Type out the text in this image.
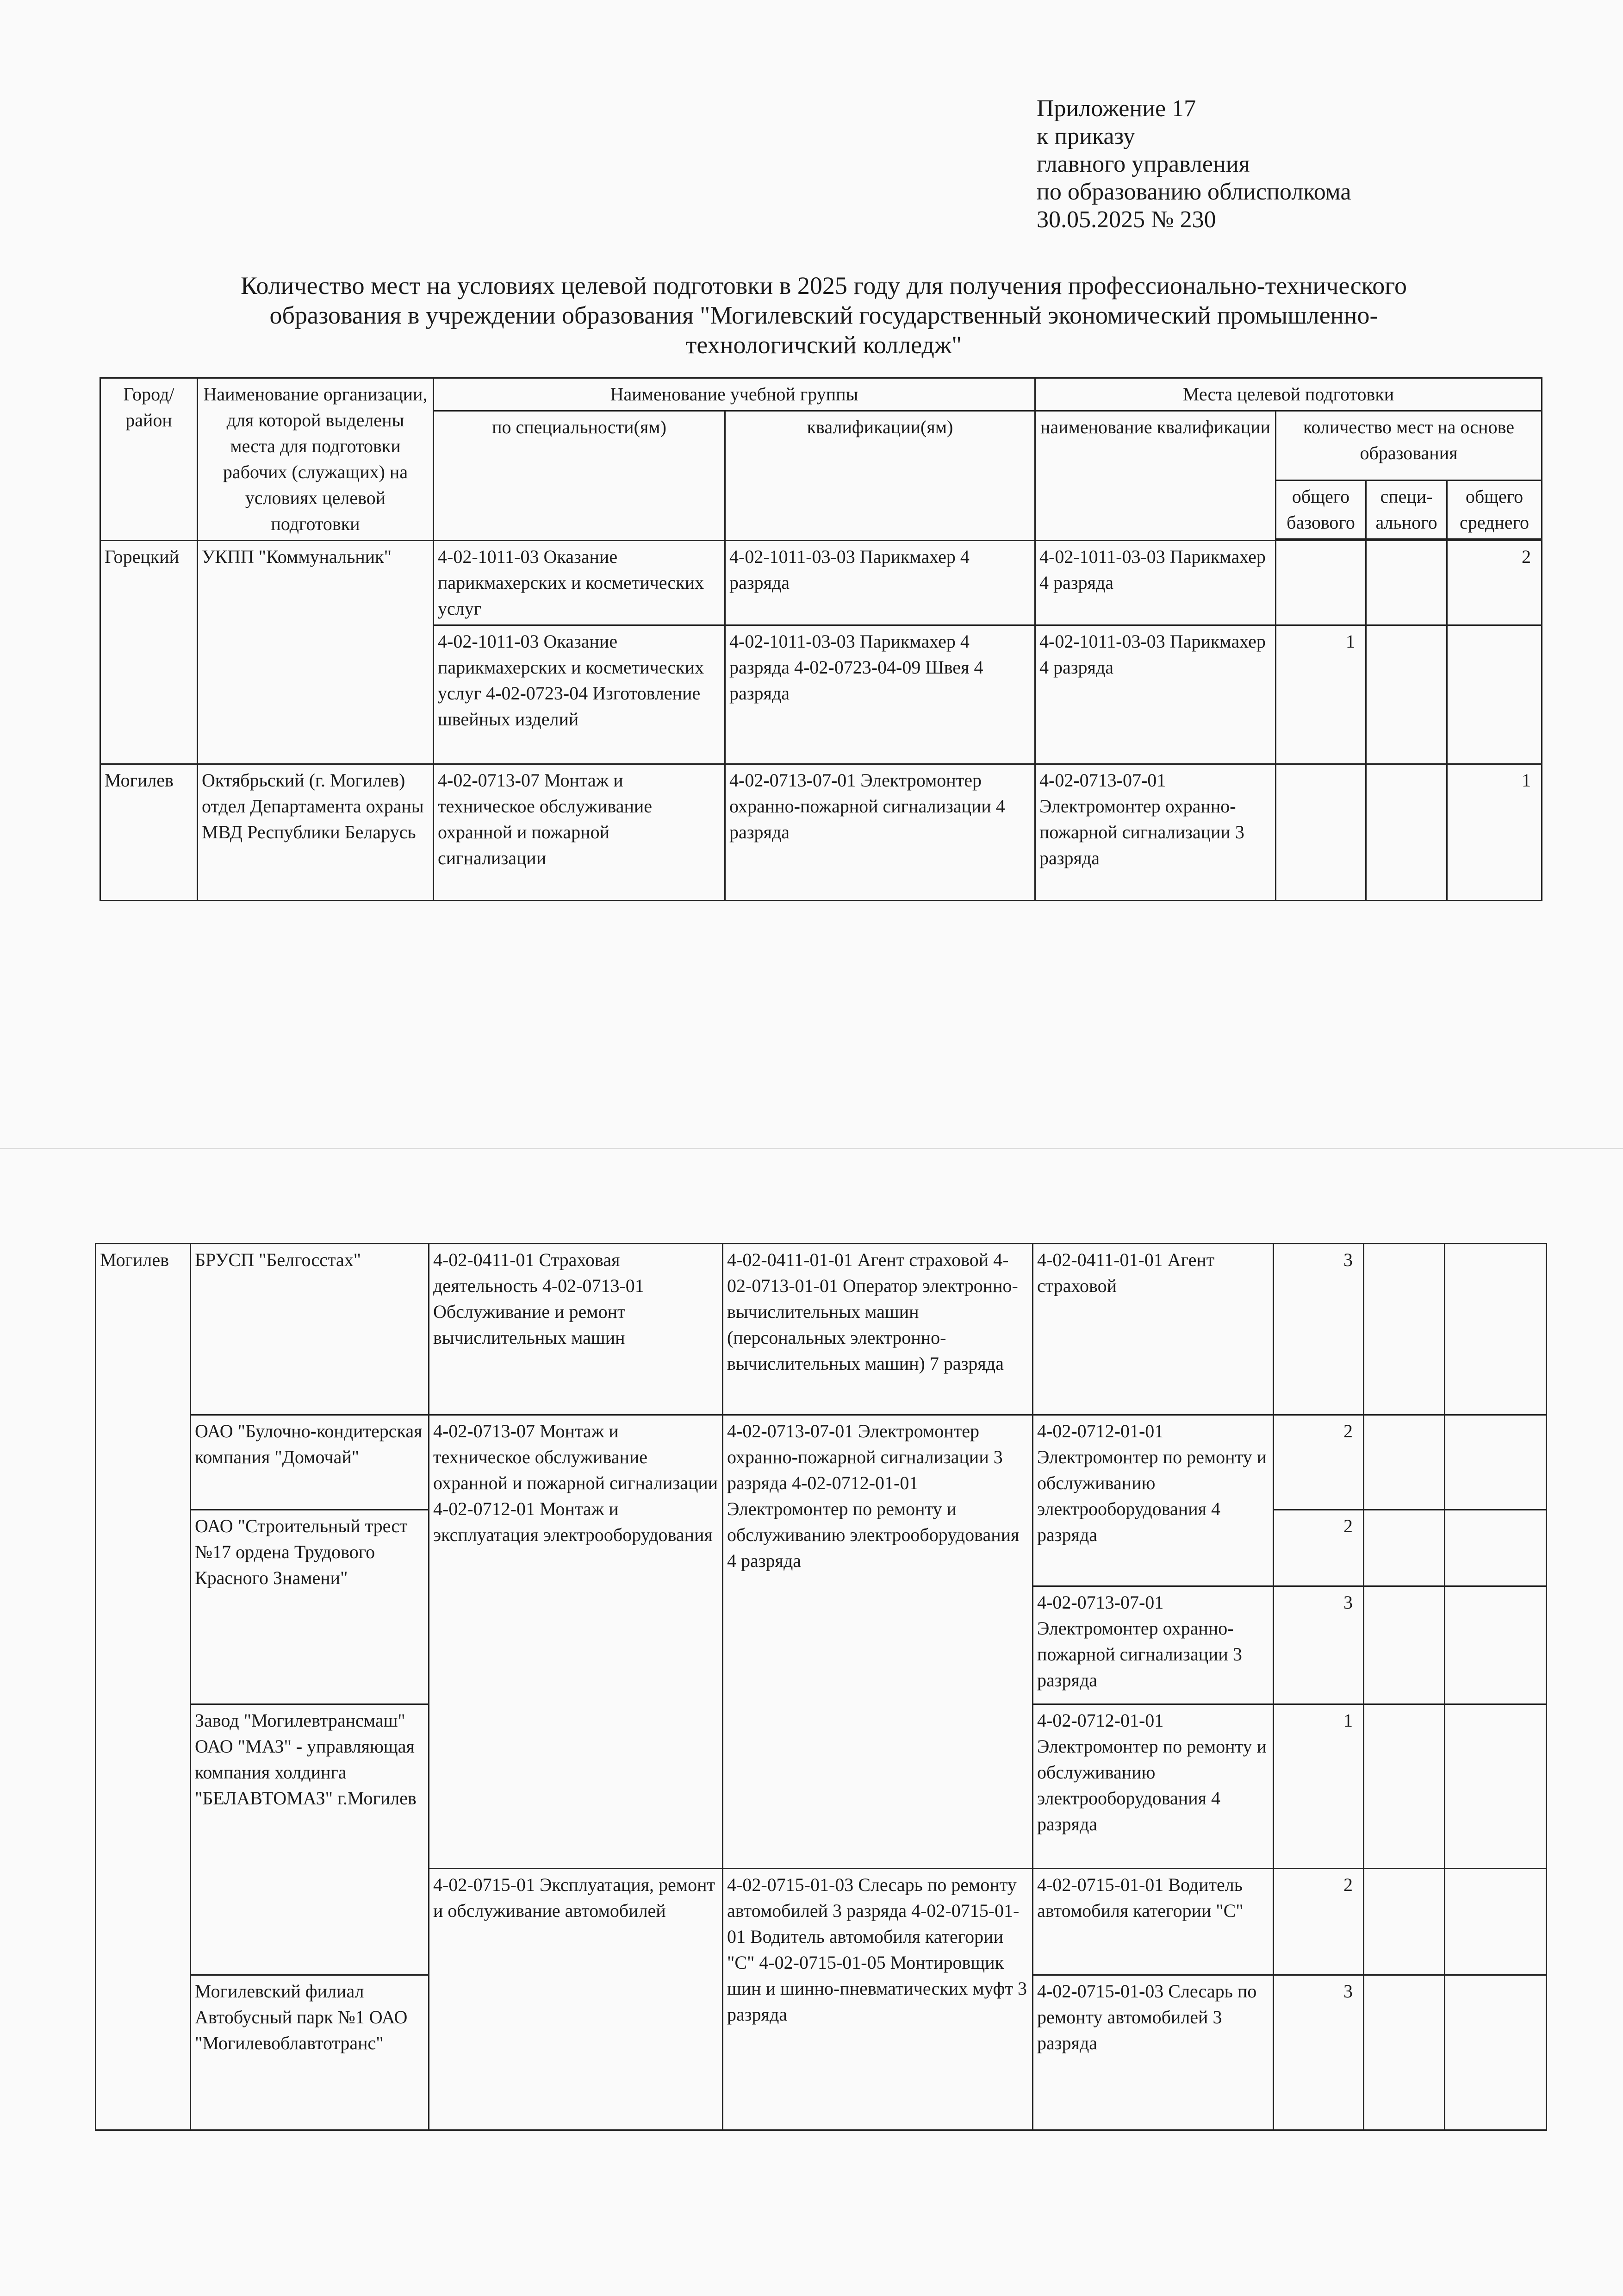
Приложение 17
к приказу
главного управления
по образованию облисполкома
30.05.2025 № 230
Количество мест на условиях целевой подготовки в 2025 году для получения профессионально-технического
образования в учреждении образования "Могилевский государственный экономический промышленно-
технологичский колледж"
Город/ район	Наименование организации, для которой выделены места для подготовки рабочих (служащих) на условиях целевой подготовки	Наименование учебной группы		Места целевой подготовки			
		по специальности(ям)	квалификации(ям)	наименование квалификации	количество мест на основе образования		
					общего базового	специ- ального	общего среднего

Горецкий	УКПП "Коммунальник"	4-02-1011-03 Оказание парикмахерских и косметических услуг	4-02-1011-03-03 Парикмахер 4 разряда	4-02-1011-03-03 Парикмахер 4 разряда			2
		4-02-1011-03 Оказание парикмахерских и косметических услуг 4-02-0723-04 Изготовление швейных изделий	4-02-1011-03-03 Парикмахер 4 разряда 4-02-0723-04-09 Швея 4 разряда	4-02-1011-03-03 Парикмахер 4 разряда	1		
Могилев	Октябрьский (г. Могилев) отдел Департамента охраны МВД Республики Беларусь	4-02-0713-07 Монтаж и техническое обслуживание охранной и пожарной сигнализации	4-02-0713-07-01 Электромонтер охранно-пожарной сигнализации 4 разряда	4-02-0713-07-01 Электромонтер охранно-пожарной сигнализации 3 разряда			1
Могилев	БРУСП "Белгосстах"	4-02-0411-01 Страховая деятельность 4-02-0713-01 Обслуживание и ремонт вычислительных машин	4-02-0411-01-01 Агент страховой 4-02-0713-01-01 Оператор электронно-вычислительных машин (персональных электронно-вычислительных машин) 7 разряда	4-02-0411-01-01 Агент страховой	3		
	ОАО "Булочно-кондитерская компания "Домочай"	4-02-0713-07 Монтаж и техническое обслуживание охранной и пожарной сигнализации 4-02-0712-01 Монтаж и эксплуатация электрооборудования	4-02-0713-07-01 Электромонтер охранно-пожарной сигнализации 3 разряда 4-02-0712-01-01 Электромонтер по ремонту и обслуживанию электрооборудования 4 разряда	4-02-0712-01-01 Электромонтер по ремонту и обслуживанию электрооборудования 4 разряда	2		
	ОАО "Строительный трест №17 ордена Трудового Красного Знамени"				2		
				4-02-0713-07-01 Электромонтер охранно-пожарной сигнализации 3 разряда	3		
	Завод "Могилевтрансмаш" ОАО "МАЗ" - управляющая компания холдинга "БЕЛАВТОМАЗ" г.Могилев			4-02-0712-01-01 Электромонтер по ремонту и обслуживанию электрооборудования 4 разряда	1		
		4-02-0715-01 Эксплуатация, ремонт и обслуживание автомобилей	4-02-0715-01-03 Слесарь по ремонту автомобилей 3 разряда 4-02-0715-01-01 Водитель автомобиля категории "С" 4-02-0715-01-05 Монтировщик шин и шинно-пневматических муфт 3 разряда	4-02-0715-01-01 Водитель автомобиля категории "С"	2		
	Могилевский филиал Автобусный парк №1 ОАО "Могилевоблавтотранс"			4-02-0715-01-03 Слесарь по ремонту автомобилей 3 разряда	3		
